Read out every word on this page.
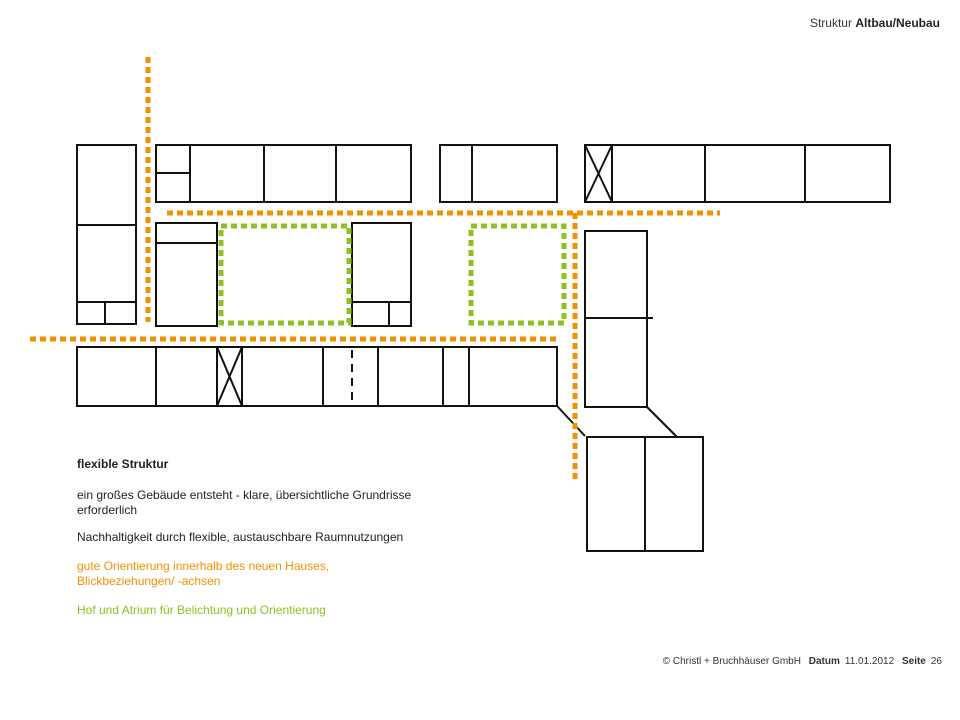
Struktur Altbau/Neubau
flexible Struktur
ein großes Gebäude entsteht - klare, übersichtliche Grundrisse erforderlich
Nachhaltigkeit durch flexible, austauschbare Raumnutzungen
gute Orientierung innerhalb des neuen Hauses, Blickbeziehungen/ -achsen
Hof und Atrium für Belichtung und Orientierung
© Christl + Bruchhäuser GmbH Datum 11.01.2012 Seite 26
